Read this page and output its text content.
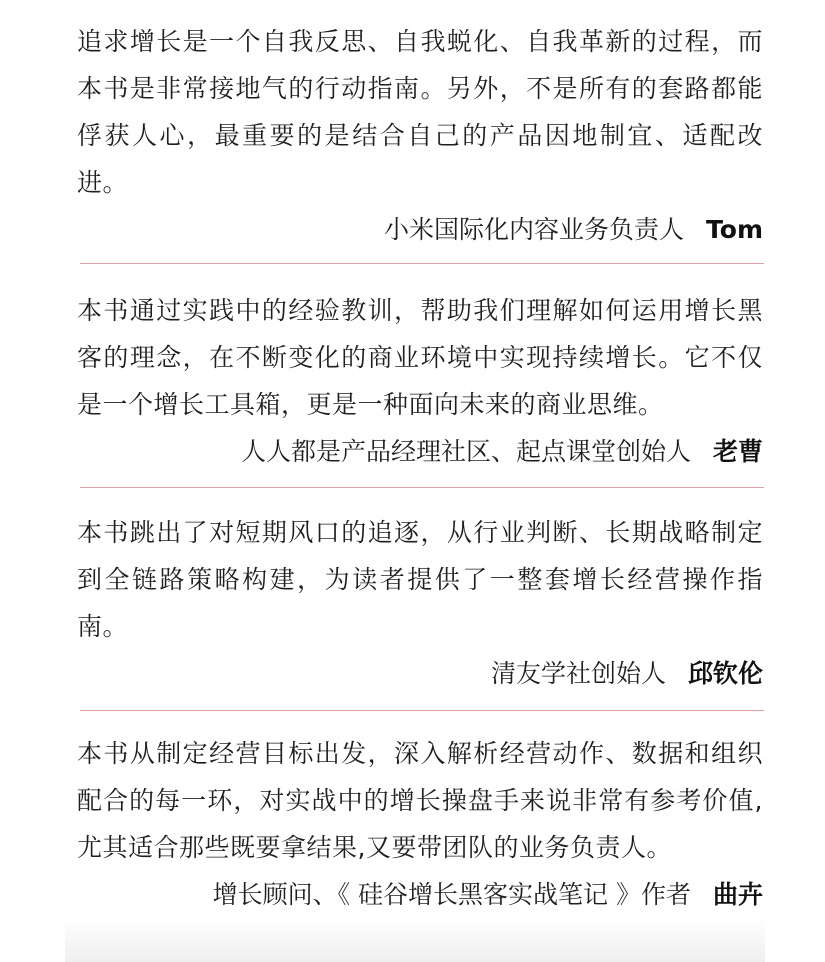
追求增长是一个自我反思、自我蜕化、自我革新的过程，而本书是非常接地气的行动指南。另外，不是所有的套路都能俘获人心，最重要的是结合自己的产品因地制宜、适配改进。

小米国际化内容业务负责人 Tom

本书通过实践中的经验教训，帮助我们理解如何运用增长黑客的理念，在不断变化的商业环境中实现持续增长。它不仅是一个增长工具箱，更是一种面向未来的商业思维。

人人都是产品经理社区、起点课堂创始人 老曹

本书跳出了对短期风口的追逐，从行业判断、长期战略制定到全链路策略构建，为读者提供了一整套增长经营操作指南。

清友学社创始人 邱钦伦

本书从制定经营目标出发，深入解析经营动作、数据和组织配合的每一环，对实战中的增长操盘手来说非常有参考价值,尤其适合那些既要拿结果,又要带团队的业务负责人。

增长顾问、《 硅谷增长黑客实战笔记 》作者 曲卉
